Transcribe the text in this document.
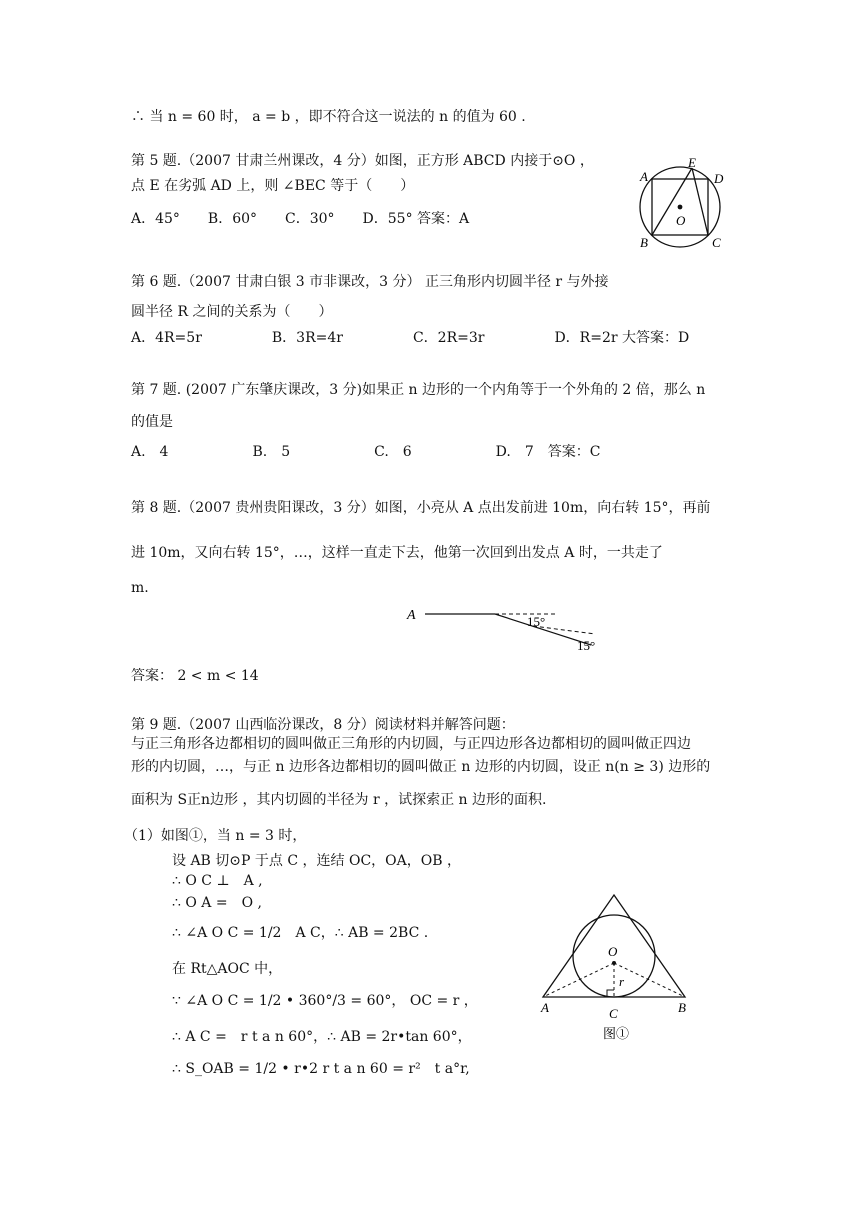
∴ 当 n = 60 时， a = b ，即不符合这一说法的 n 的值为 60 .
第 5 题.（2007 甘肃兰州课改，4 分）如图，正方形 ABCD 内接于⊙O ，
点 E 在劣弧 AD 上，则 ∠BEC 等于（　　）
A．45°　　B．60°　　C．30°　　D．55° 答案：A
第 6 题.（2007 甘肃白银 3 市非课改，3 分） 正三角形内切圆半径 r 与外接
圆半径 R 之间的关系为（　　）
A．4R=5r　　　　　B．3R=4r　　　　　C．2R=3r　　　　　D．R=2r 大答案：D
第 7 题. (2007 广东肇庆课改，3 分)如果正 n 边形的一个内角等于一个外角的 2 倍，那么 n
的值是
A.　4　　　　　　B.　5　　　　　　C.　6　　　　　　D.　7　答案：C
第 8 题.（2007 贵州贵阳课改，3 分）如图，小亮从 A 点出发前进 10m，向右转 15°，再前
进 10m，又向右转 15°，…，这样一直走下去，他第一次回到出发点 A 时，一共走了
m.
答案： 2 < m < 14
第 9 题.（2007 山西临汾课改，8 分）阅读材料并解答问题：
与正三角形各边都相切的圆叫做正三角形的内切圆，与正四边形各边都相切的圆叫做正四边
形的内切圆，…，与正 n 边形各边都相切的圆叫做正 n 边形的内切圆，设正 n(n ≥ 3) 边形的
面积为 S正n边形 ，其内切圆的半径为 r ，试探索正 n 边形的面积.
（1）如图①，当 n = 3 时，
设 AB 切⊙P 于点 C ，连结 OC，OA，OB ，
∴ O C ⊥　A ,
∴ O A =　O ,
∴ ∠A O C = 1/2　A C，∴ AB = 2BC .
在 Rt△AOC 中，
∵ ∠A O C = 1/2 • 360°/3 = 60°， OC = r ，
∴ A C =　r t a n 60°，∴ AB = 2r•tan 60°，
∴ S_OAB = 1/2 • r•2 r t a n 60 = r²　t a°r,
A
E
D
O
B	C
A	15°
15°
O
r
A	B
C
图①
